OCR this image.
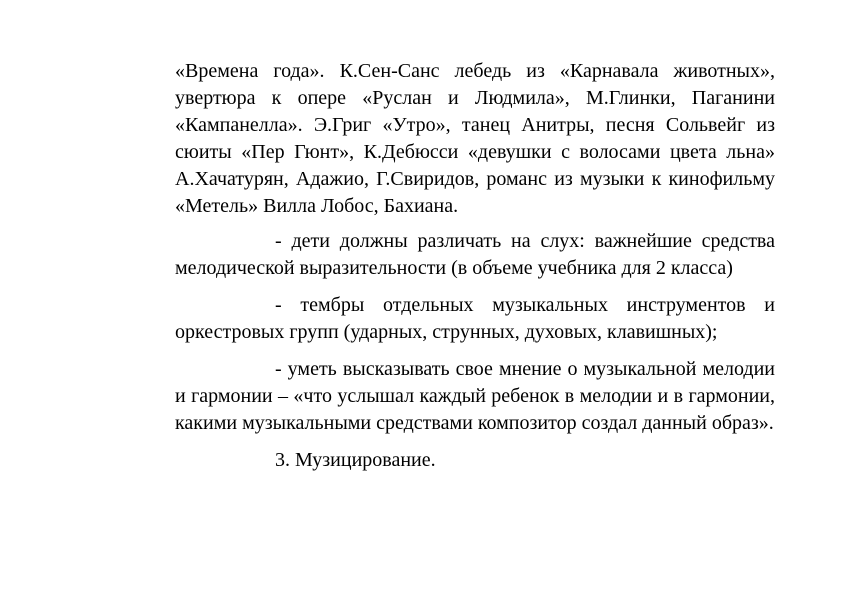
«Времена года». К.Сен-Санс лебедь из «Карнавала животных», увертюра к опере «Руслан и Людмила», М.Глинки, Паганини «Кампанелла». Э.Григ «Утро», танец Анитры, песня Сольвейг из сюиты «Пер Гюнт», К.Дебюсси «девушки с волосами цвета льна» А.Хачатурян, Адажио, Г.Свиридов, романс из музыки к кинофильму «Метель» Вилла Лобос, Бахиана.

- дети должны различать на слух: важнейшие средства мелодической выразительности (в объеме учебника для 2 класса)

- тембры отдельных музыкальных инструментов и оркестровых групп (ударных, струнных, духовых, клавишных);

- уметь высказывать свое мнение о музыкальной мелодии и гармонии – «что услышал каждый ребенок в мелодии и в гармонии, какими музыкальными средствами композитор создал данный образ».

3. Музицирование.
